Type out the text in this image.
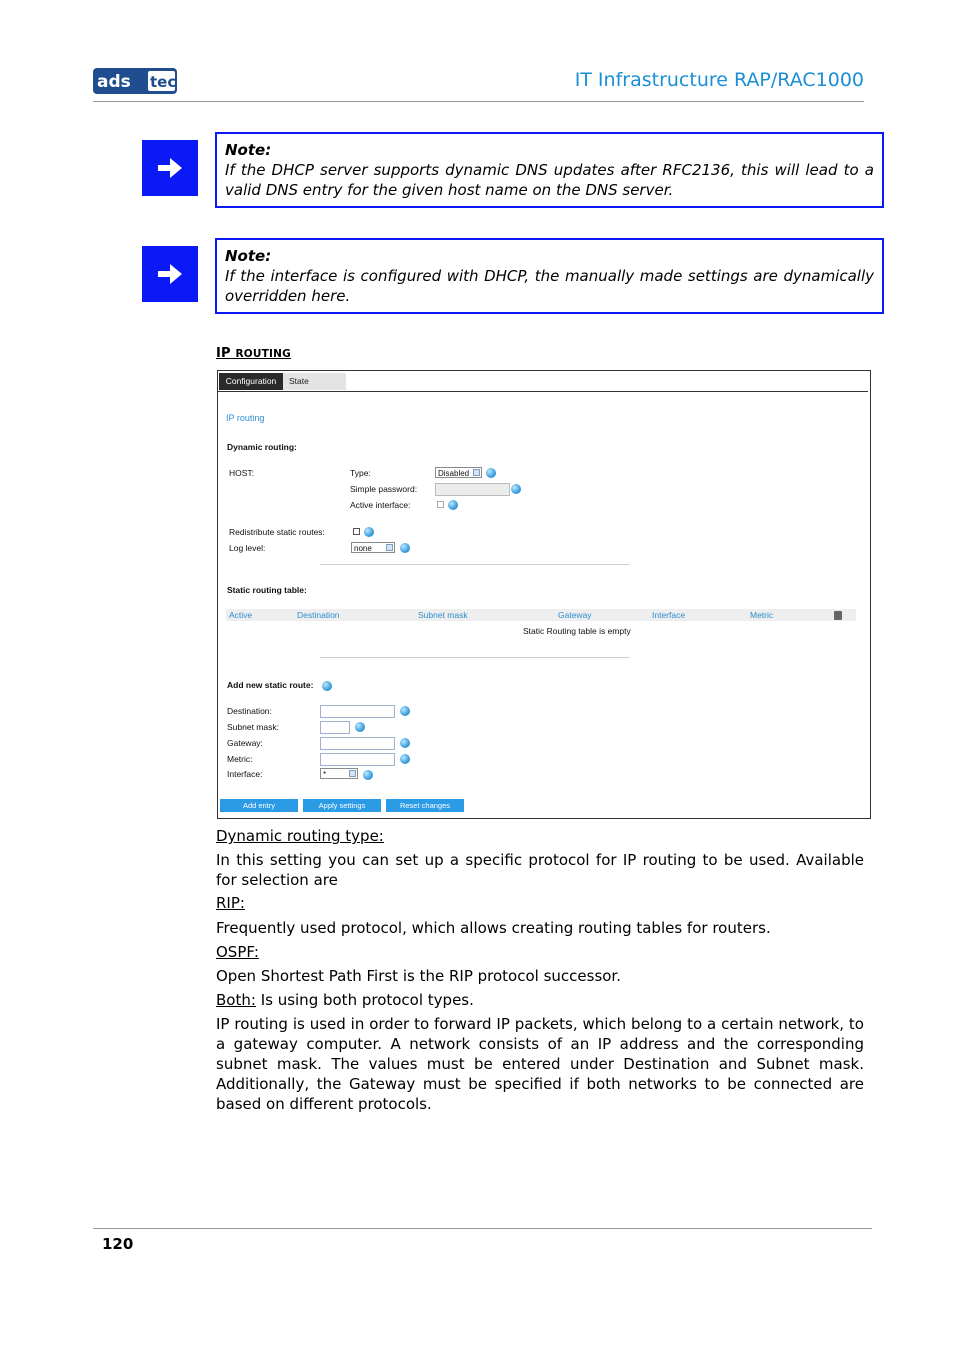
ads tec	IT Infrastructure RAP/RAC1000
Note:
If the DHCP server supports dynamic DNS updates after RFC2136, this will lead to a valid DNS entry for the given host name on the DNS server.
Note:
If the interface is configured with DHCP, the manually made settings are dynamically overridden here.
IP ROUTING
Configuration	State
IP routing
Dynamic routing:
HOST:	Type:	Disabled
Simple password:
Active interface:
Redistribute static routes:
Log level:	none
Static routing table:
Active	Destination	Subnet mask	Gateway	Interface	Metric
Static Routing table is empty
Add new static route:
Destination:
Subnet mask:
Gateway:
Metric:
Interface:	*
Add entry	Apply settings	Reset changes
Dynamic routing type:
In this setting you can set up a specific protocol for IP routing to be used. Available for selection are
RIP:
Frequently used protocol, which allows creating routing tables for routers.
OSPF:
Open Shortest Path First is the RIP protocol successor.
Both: Is using both protocol types.
IP routing is used in order to forward IP packets, which belong to a certain network, to a gateway computer. A network consists of an IP address and the corresponding subnet mask. The values must be entered under Destination and Subnet mask. Additionally, the Gateway must be specified if both networks to be connected are based on different protocols.
120
